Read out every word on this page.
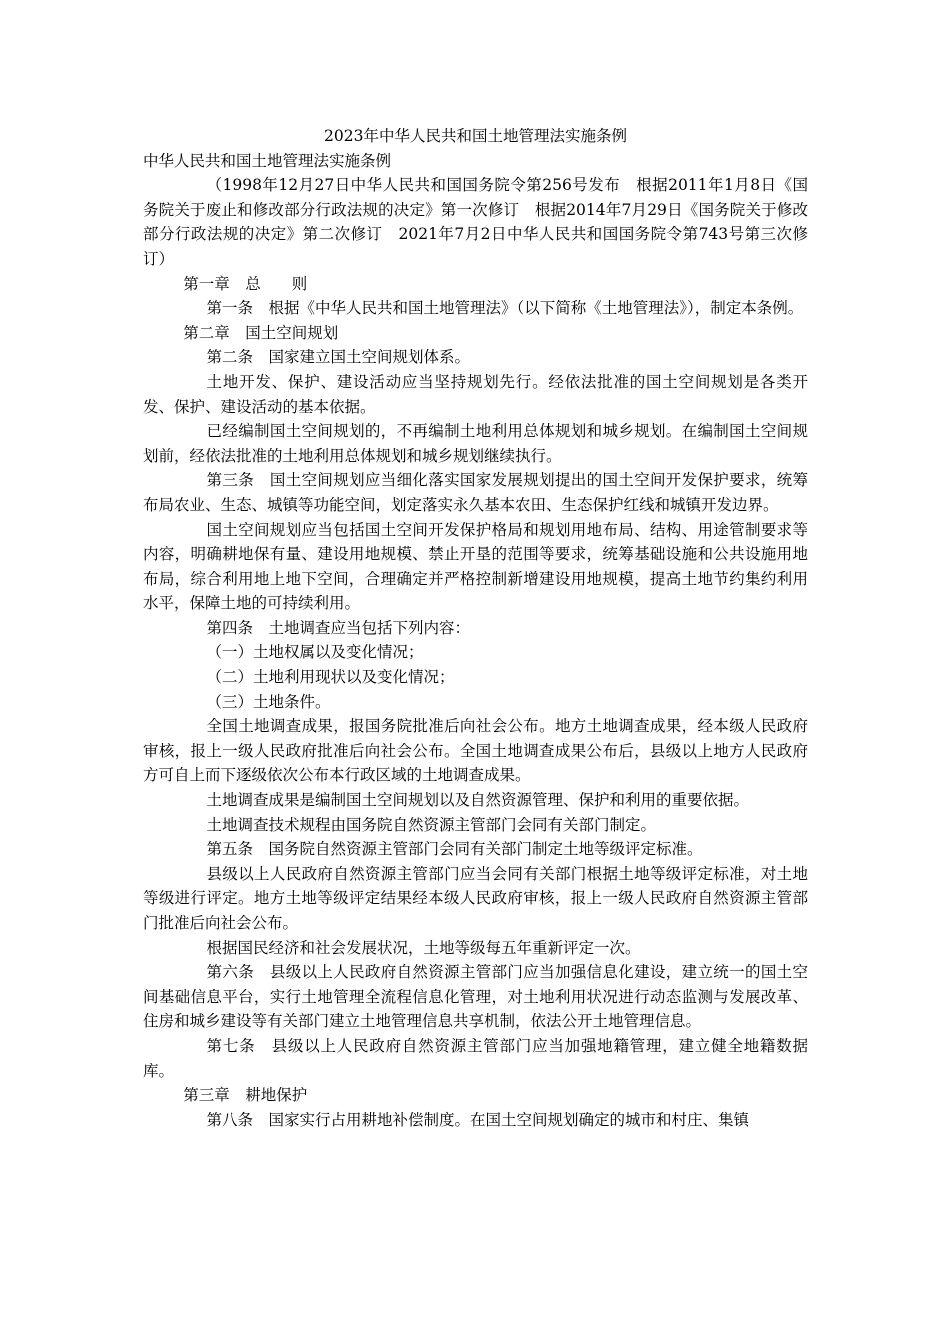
2023年中华人民共和国土地管理法实施条例

中华人民共和国土地管理法实施条例

（1998年12月27日中华人民共和国国务院令第256号发布　根据2011年1月8日《国务院关于废止和修改部分行政法规的决定》第一次修订　根据2014年7月29日《国务院关于修改部分行政法规的决定》第二次修订　2021年7月2日中华人民共和国国务院令第743号第三次修订）

第一章　总　　则

第一条　根据《中华人民共和国土地管理法》（以下简称《土地管理法》），制定本条例。

第二章　国土空间规划

第二条　国家建立国土空间规划体系。

土地开发、保护、建设活动应当坚持规划先行。经依法批准的国土空间规划是各类开发、保护、建设活动的基本依据。

已经编制国土空间规划的，不再编制土地利用总体规划和城乡规划。在编制国土空间规划前，经依法批准的土地利用总体规划和城乡规划继续执行。

第三条　国土空间规划应当细化落实国家发展规划提出的国土空间开发保护要求，统筹布局农业、生态、城镇等功能空间，划定落实永久基本农田、生态保护红线和城镇开发边界。

国土空间规划应当包括国土空间开发保护格局和规划用地布局、结构、用途管制要求等内容，明确耕地保有量、建设用地规模、禁止开垦的范围等要求，统筹基础设施和公共设施用地布局，综合利用地上地下空间，合理确定并严格控制新增建设用地规模，提高土地节约集约利用水平，保障土地的可持续利用。

第四条　土地调查应当包括下列内容：

（一）土地权属以及变化情况；

（二）土地利用现状以及变化情况；

（三）土地条件。

全国土地调查成果，报国务院批准后向社会公布。地方土地调查成果，经本级人民政府审核，报上一级人民政府批准后向社会公布。全国土地调查成果公布后，县级以上地方人民政府方可自上而下逐级依次公布本行政区域的土地调查成果。

土地调查成果是编制国土空间规划以及自然资源管理、保护和利用的重要依据。

土地调查技术规程由国务院自然资源主管部门会同有关部门制定。

第五条　国务院自然资源主管部门会同有关部门制定土地等级评定标准。

县级以上人民政府自然资源主管部门应当会同有关部门根据土地等级评定标准，对土地等级进行评定。地方土地等级评定结果经本级人民政府审核，报上一级人民政府自然资源主管部门批准后向社会公布。

根据国民经济和社会发展状况，土地等级每五年重新评定一次。

第六条　县级以上人民政府自然资源主管部门应当加强信息化建设，建立统一的国土空间基础信息平台，实行土地管理全流程信息化管理，对土地利用状况进行动态监测与发展改革、住房和城乡建设等有关部门建立土地管理信息共享机制，依法公开土地管理信息。

第七条　县级以上人民政府自然资源主管部门应当加强地籍管理，建立健全地籍数据库。

第三章　耕地保护

第八条　国家实行占用耕地补偿制度。在国土空间规划确定的城市和村庄、集镇
